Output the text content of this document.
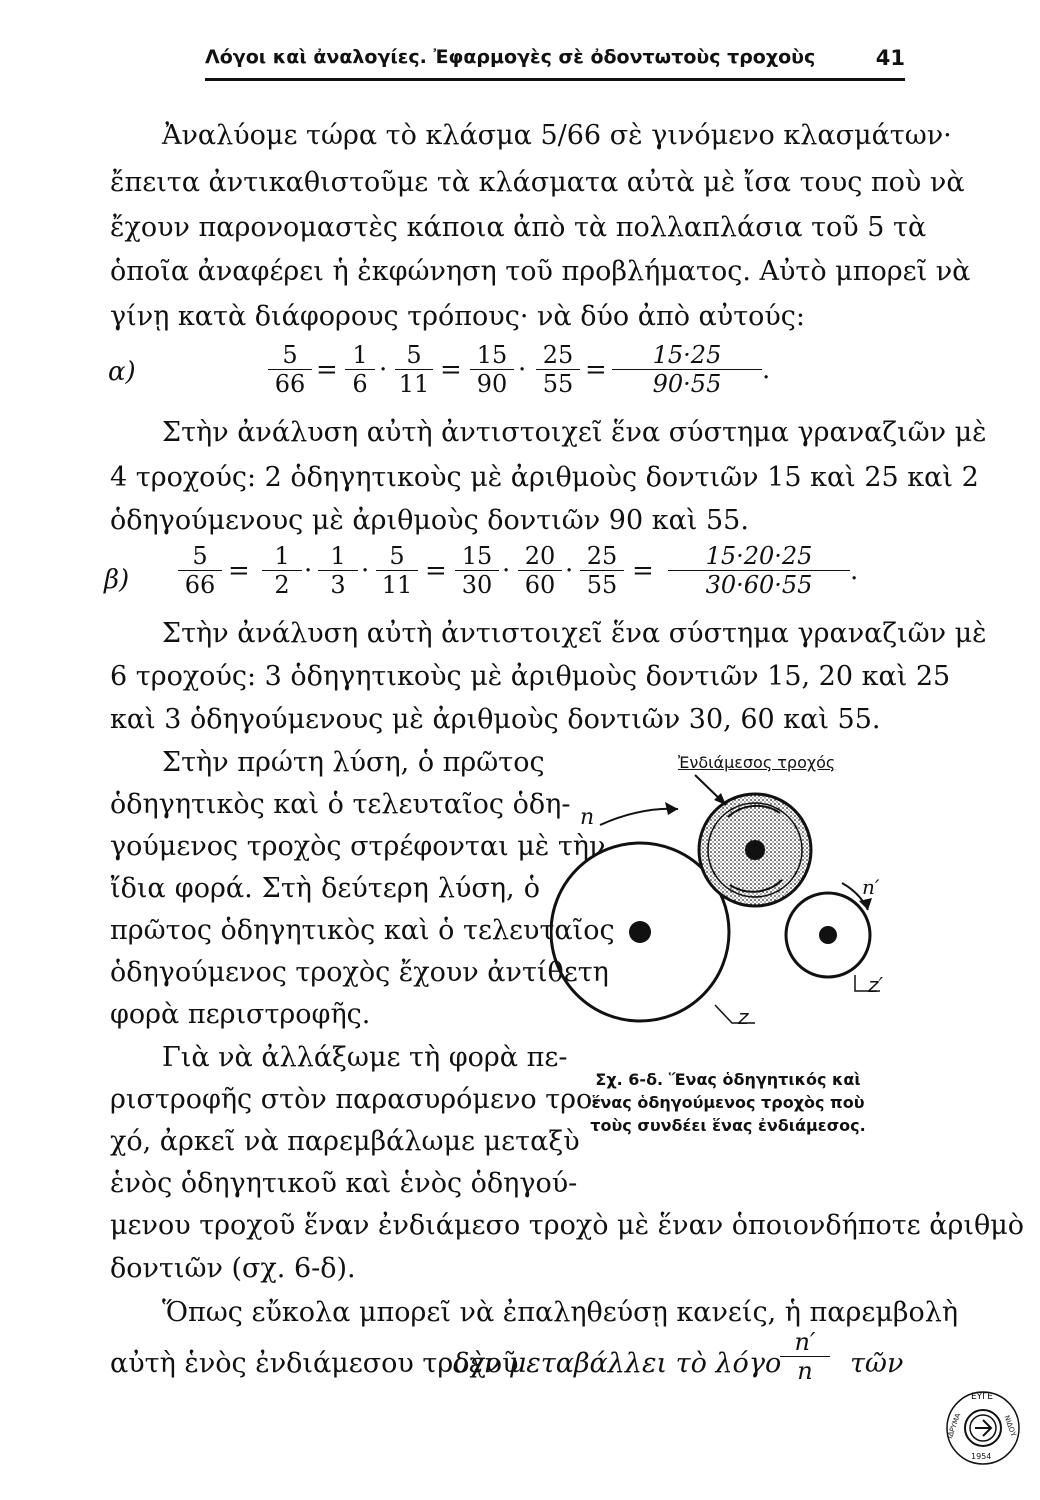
Λόγοι καὶ ἀναλογίες. Ἐφαρμογὲς σὲ ὀδοντωτοὺς τροχοὺς	41
Ἀναλύομε τώρα τὸ κλάσμα 5/66 σὲ γινόμενο κλασμάτων·
ἔπειτα ἀντικαθιστοῦμε τὰ κλάσματα αὐτὰ μὲ ἴσα τους ποὺ νὰ
ἔχουν παρονομαστὲς κάποια ἀπὸ τὰ πολλαπλάσια τοῦ 5 τὰ
ὁποῖα ἀναφέρει ἡ ἐκφώνηση τοῦ προβλήματος. Αὐτὸ μπορεῖ νὰ
γίνῃ κατὰ διάφορους τρόπους· νὰ δύο ἀπὸ αὐτούς:
α)	$\frac{5}{66} = \frac{1}{6} \cdot \frac{5}{11} = \frac{15}{90} \cdot \frac{25}{55} = \frac{15\cdot 25}{90\cdot 55}$ .
Στὴν ἀνάλυση αὐτὴ ἀντιστοιχεῖ ἕνα σύστημα γραναζιῶν μὲ
4 τροχούς: 2 ὁδηγητικοὺς μὲ ἀριθμοὺς δοντιῶν 15 καὶ 25 καὶ 2
ὁδηγούμενους μὲ ἀριθμοὺς δοντιῶν 90 καὶ 55.
$\beta) \frac{5}{66} = \frac{1}{2} \cdot \frac{1}{3} \cdot \frac{5}{11} = \frac{15}{30} \cdot \frac{20}{60} \cdot \frac{25}{55} = \frac{15\cdot 20\cdot 25}{30\cdot 60\cdot 55}$ .
Στὴν ἀνάλυση αὐτὴ ἀντιστοιχεῖ ἕνα σύστημα γραναζιῶν μὲ
6 τροχούς: 3 ὁδηγητικοὺς μὲ ἀριθμοὺς δοντιῶν 15, 20 καὶ 25
καὶ 3 ὁδηγούμενους μὲ ἀριθμοὺς δοντιῶν 30, 60 καὶ 55.
Στὴν πρώτη λύση, ὁ πρῶτος
ὁδηγητικὸς καὶ ὁ τελευταῖος ὁδη-
γούμενος τροχὸς στρέφονται μὲ τὴν
ἴδια φορά. Στὴ δεύτερη λύση, ὁ
πρῶτος ὁδηγητικὸς καὶ ὁ τελευταῖος
ὁδηγούμενος τροχὸς ἔχουν ἀντίθετη
φορὰ περιστροφῆς.
Γιὰ νὰ ἀλλάξωμε τὴ φορὰ πε-
ριστροφῆς στὸν παρασυρόμενο τρο-
χό, ἀρκεῖ νὰ παρεμβάλωμε μεταξὺ
ἑνὸς ὁδηγητικοῦ καὶ ἑνὸς ὁδηγού-
μενου τροχοῦ ἕναν ἐνδιάμεσο τροχὸ μὲ ἕναν ὁποιονδήποτε ἀριθμὸ
δοντιῶν (σχ. 6-δ).
Ὅπως εὔκολα μπορεῖ νὰ ἐπαληθεύσῃ κανείς, ἡ παρεμβολὴ
αὐτὴ ἑνὸς ἐνδιάμεσου τροχοῦ
δὲν μεταβάλλει τὸ λόγο
$\frac{n'}{n}$ τῶν
Ἐνδιάμεσος τροχός
n
n′
z′
z
Σχ. 6-δ. Ἕνας ὁδηγητικός καὶ
ἕνας ὁδηγούμενος τροχὸς ποὺ
τοὺς συνδέει ἕνας ἐνδιάμεσος.
ΕΥΓΕ
ΙΔΡΥΜΑ	ΝΙΔΟΥ
1954
